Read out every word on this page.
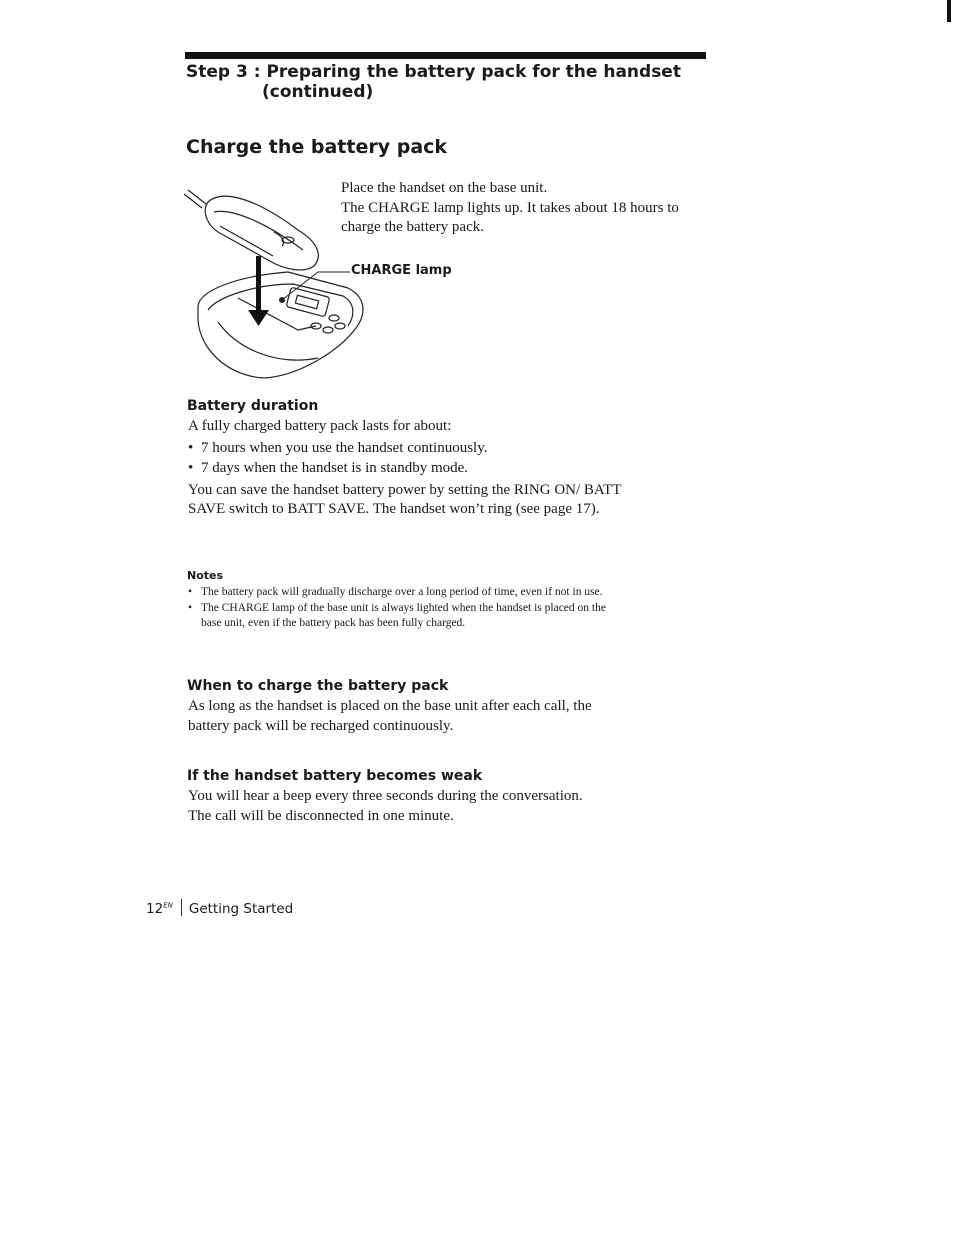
Step 3 : Preparing the battery pack for the handset
(continued)
Charge the battery pack

Place the handset on the base unit.

The CHARGE lamp lights up. It takes about 18 hours to charge the battery pack.

CHARGE lamp
Battery duration

A fully charged battery pack lasts for about:

• 7 hours when you use the handset continuously.
• 7 days when the handset is in standby mode.

You can save the handset battery power by setting the RING ON/ BATT SAVE switch to BATT SAVE. The handset won’t ring (see page 17).

Notes
• The battery pack will gradually discharge over a long period of time, even if not in use.
• The CHARGE lamp of the base unit is always lighted when the handset is placed on the base unit, even if the battery pack has been fully charged.
When to charge the battery pack

As long as the handset is placed on the base unit after each call, the battery pack will be recharged continuously.

If the handset battery becomes weak

You will hear a beep every three seconds during the conversation.

The call will be disconnected in one minute.

$12^{EN}$ Getting Started
